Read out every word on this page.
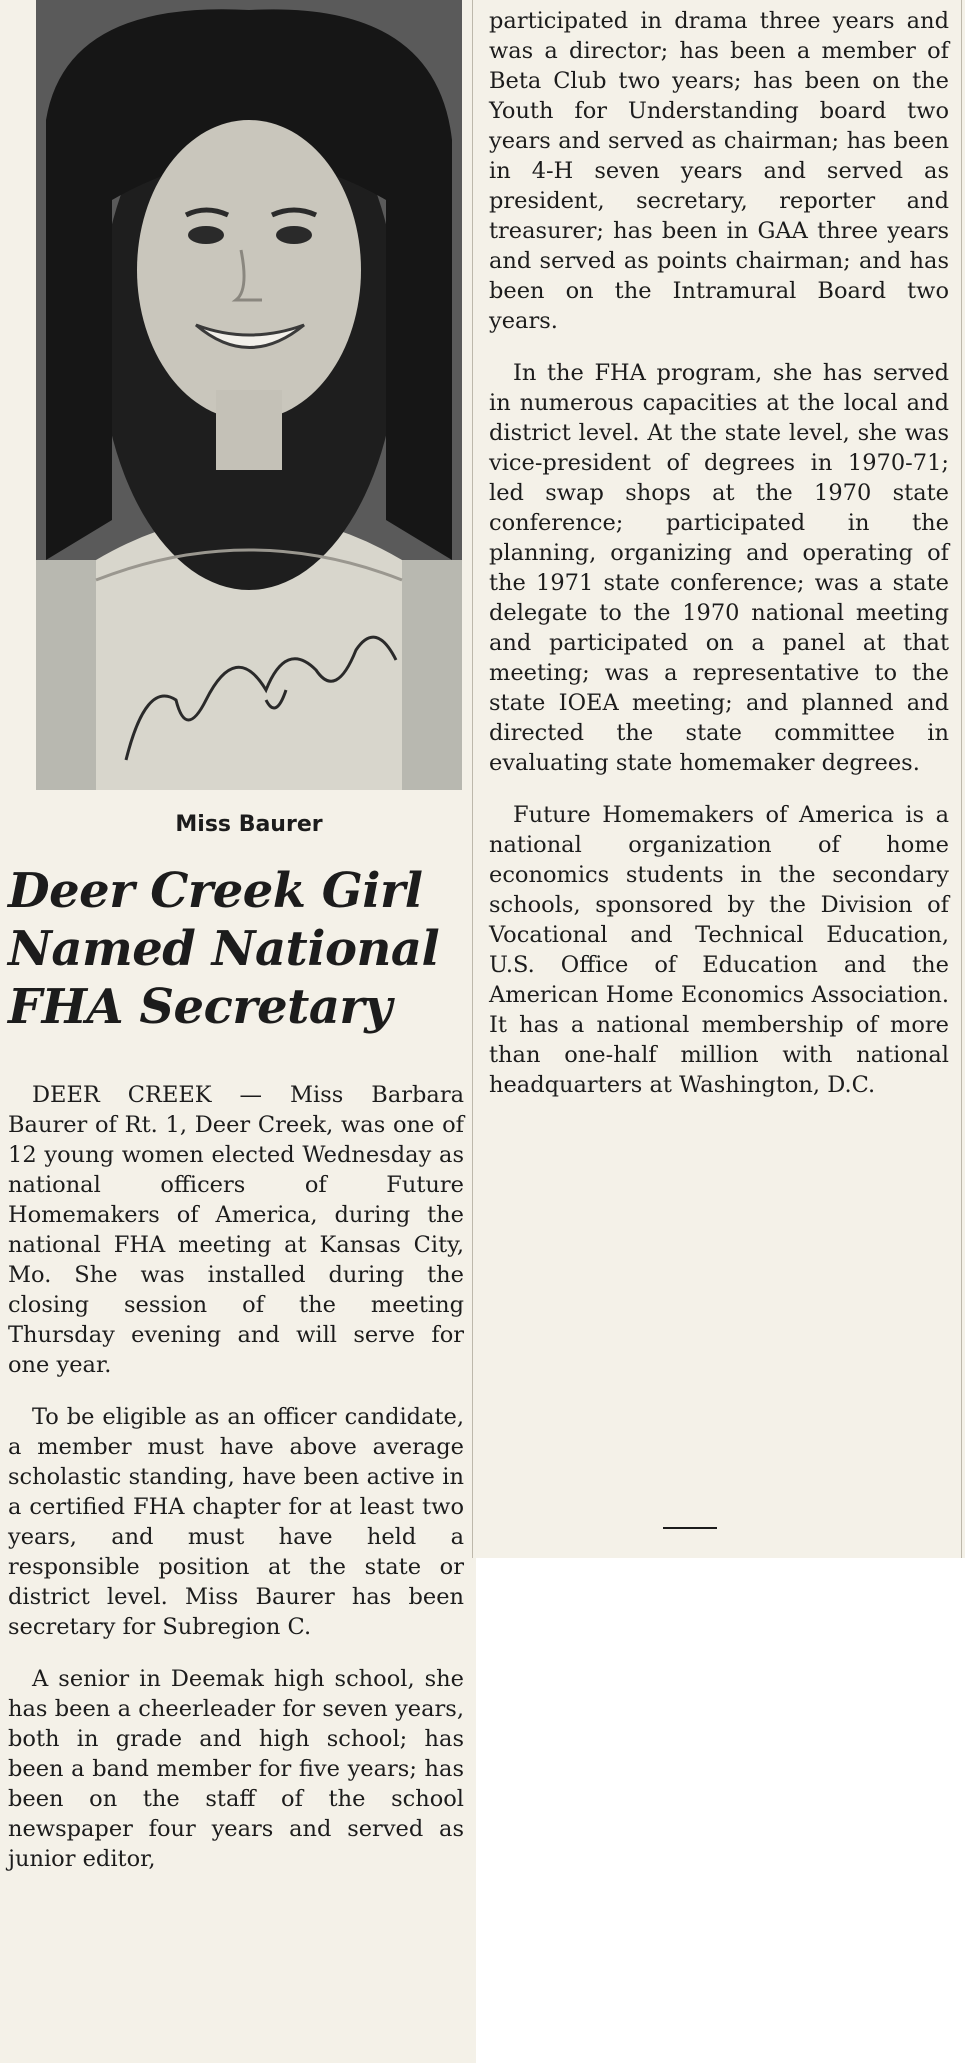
Miss Baurer
Deer Creek Girl
Named National
FHA Secretary

DEER CREEK — Miss Barbara Baurer of Rt. 1, Deer Creek, was one of 12 young women elected Wednesday as national officers of Future Homemakers of America, during the national FHA meeting at Kansas City, Mo. She was installed during the closing session of the meeting Thursday evening and will serve for one year.

To be eligible as an officer candidate, a member must have above average scholastic standing, have been active in a certified FHA chapter for at least two years, and must have held a responsible position at the state or district level. Miss Baurer has been secretary for Subregion C.

A senior in Deemak high school, she has been a cheerleader for seven years, both in grade and high school; has been a band member for five years; has been on the staff of the school newspaper four years and served as junior editor,

participated in drama three years and was a director; has been a member of Beta Club two years; has been on the Youth for Understanding board two years and served as chairman; has been in 4-H seven years and served as president, secretary, reporter and treasurer; has been in GAA three years and served as points chairman; and has been on the Intramural Board two years.

In the FHA program, she has served in numerous capacities at the local and district level. At the state level, she was vice-president of degrees in 1970-71; led swap shops at the 1970 state conference; participated in the planning, organizing and operating of the 1971 state conference; was a state delegate to the 1970 national meeting and participated on a panel at that meeting; was a representative to the state IOEA meeting; and planned and directed the state committee in evaluating state homemaker degrees.

Future Homemakers of America is a national organization of home economics students in the secondary schools, sponsored by the Division of Vocational and Technical Education, U.S. Office of Education and the American Home Economics Association. It has a national membership of more than one-half million with national headquarters at Washington, D.C.
